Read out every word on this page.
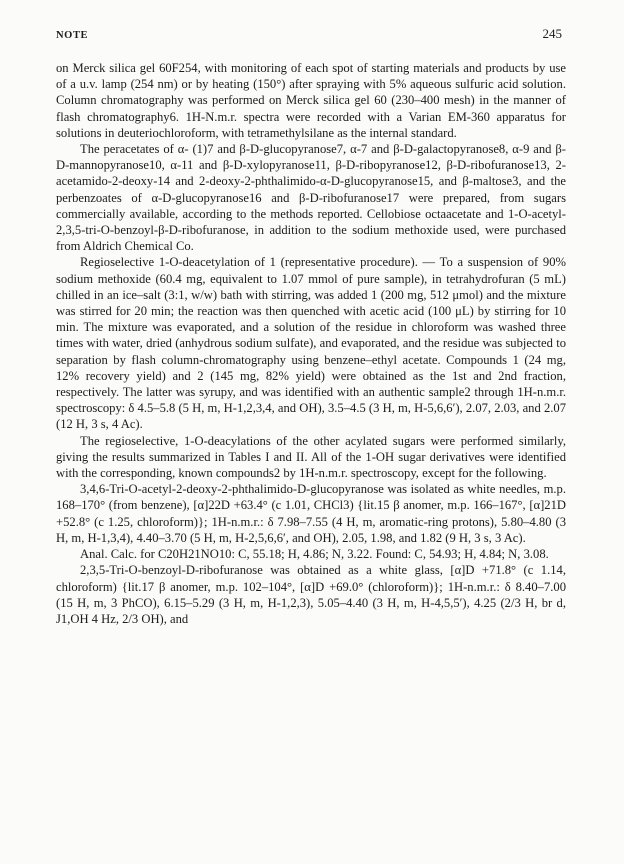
NOTE	245

on Merck silica gel 60F254, with monitoring of each spot of starting materials and products by use of a u.v. lamp (254 nm) or by heating (150°) after spraying with 5% aqueous sulfuric acid solution. Column chromatography was performed on Merck silica gel 60 (230–400 mesh) in the manner of flash chromatography6. 1H-N.m.r. spectra were recorded with a Varian EM-360 apparatus for solutions in deuteriochloroform, with tetramethylsilane as the internal standard.

The peracetates of α- (1)7 and β-D-glucopyranose7, α-7 and β-D-galactopyranose8, α-9 and β-D-mannopyranose10, α-11 and β-D-xylopyranose11, β-D-ribopyranose12, β-D-ribofuranose13, 2-acetamido-2-deoxy-14 and 2-deoxy-2-phthalimido-α-D-glucopyranose15, and β-maltose3, and the perbenzoates of α-D-glucopyranose16 and β-D-ribofuranose17 were prepared, from sugars commercially available, according to the methods reported. Cellobiose octaacetate and 1-O-acetyl-2,3,5-tri-O-benzoyl-β-D-ribofuranose, in addition to the sodium methoxide used, were purchased from Aldrich Chemical Co.

Regioselective 1-O-deacetylation of 1 (representative procedure). — To a suspension of 90% sodium methoxide (60.4 mg, equivalent to 1.07 mmol of pure sample), in tetrahydrofuran (5 mL) chilled in an ice–salt (3:1, w/w) bath with stirring, was added 1 (200 mg, 512 μmol) and the mixture was stirred for 20 min; the reaction was then quenched with acetic acid (100 μL) by stirring for 10 min. The mixture was evaporated, and a solution of the residue in chloroform was washed three times with water, dried (anhydrous sodium sulfate), and evaporated, and the residue was subjected to separation by flash column-chromatography using benzene–ethyl acetate. Compounds 1 (24 mg, 12% recovery yield) and 2 (145 mg, 82% yield) were obtained as the 1st and 2nd fraction, respectively. The latter was syrupy, and was identified with an authentic sample2 through 1H-n.m.r. spectroscopy: δ 4.5–5.8 (5 H, m, H-1,2,3,4, and OH), 3.5–4.5 (3 H, m, H-5,6,6′), 2.07, 2.03, and 2.07 (12 H, 3 s, 4 Ac).

The regioselective, 1-O-deacylations of the other acylated sugars were performed similarly, giving the results summarized in Tables I and II. All of the 1-OH sugar derivatives were identified with the corresponding, known compounds2 by 1H-n.m.r. spectroscopy, except for the following.

3,4,6-Tri-O-acetyl-2-deoxy-2-phthalimido-D-glucopyranose was isolated as white needles, m.p. 168–170° (from benzene), [α]22D +63.4° (c 1.01, CHCl3) {lit.15 β anomer, m.p. 166–167°, [α]21D +52.8° (c 1.25, chloroform)}; 1H-n.m.r.: δ 7.98–7.55 (4 H, m, aromatic-ring protons), 5.80–4.80 (3 H, m, H-1,3,4), 4.40–3.70 (5 H, m, H-2,5,6,6′, and OH), 2.05, 1.98, and 1.82 (9 H, 3 s, 3 Ac).

Anal. Calc. for C20H21NO10: C, 55.18; H, 4.86; N, 3.22. Found: C, 54.93; H, 4.84; N, 3.08.

2,3,5-Tri-O-benzoyl-D-ribofuranose was obtained as a white glass, [α]D +71.8° (c 1.14, chloroform) {lit.17 β anomer, m.p. 102–104°, [α]D +69.0° (chloroform)}; 1H-n.m.r.: δ 8.40–7.00 (15 H, m, 3 PhCO), 6.15–5.29 (3 H, m, H-1,2,3), 5.05–4.40 (3 H, m, H-4,5,5′), 4.25 (2/3 H, br d, J1,OH 4 Hz, 2/3 OH), and
